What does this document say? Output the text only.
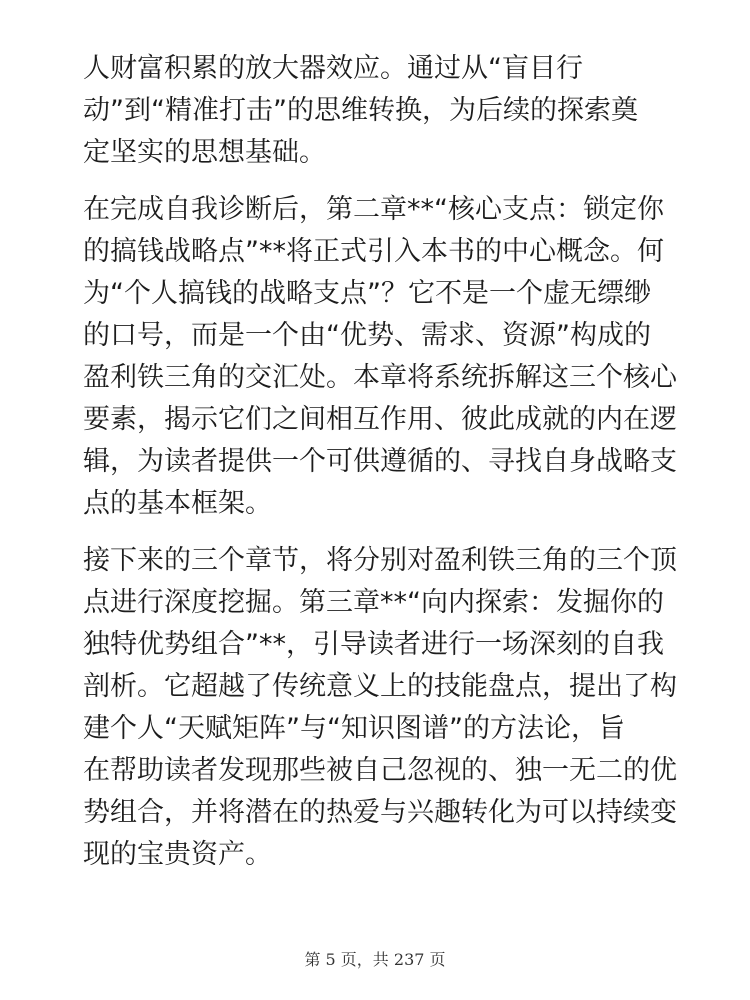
人财富积累的放大器效应。通过从“盲目行
动”到“精准打击”的思维转换，为后续的探索奠
定坚实的思想基础。
在完成自我诊断后，第二章**“核心支点：锁定你
的搞钱战略点”**将正式引入本书的中心概念。何
为“个人搞钱的战略支点”？它不是一个虚无缥缈
的口号，而是一个由“优势、需求、资源”构成的
盈利铁三角的交汇处。本章将系统拆解这三个核心
要素，揭示它们之间相互作用、彼此成就的内在逻
辑，为读者提供一个可供遵循的、寻找自身战略支
点的基本框架。
接下来的三个章节，将分别对盈利铁三角的三个顶
点进行深度挖掘。第三章**“向内探索：发掘你的
独特优势组合”**，引导读者进行一场深刻的自我
剖析。它超越了传统意义上的技能盘点，提出了构
建个人“天赋矩阵”与“知识图谱”的方法论，旨
在帮助读者发现那些被自己忽视的、独一无二的优
势组合，并将潜在的热爱与兴趣转化为可以持续变
现的宝贵资产。
第 5 页，共 237 页
